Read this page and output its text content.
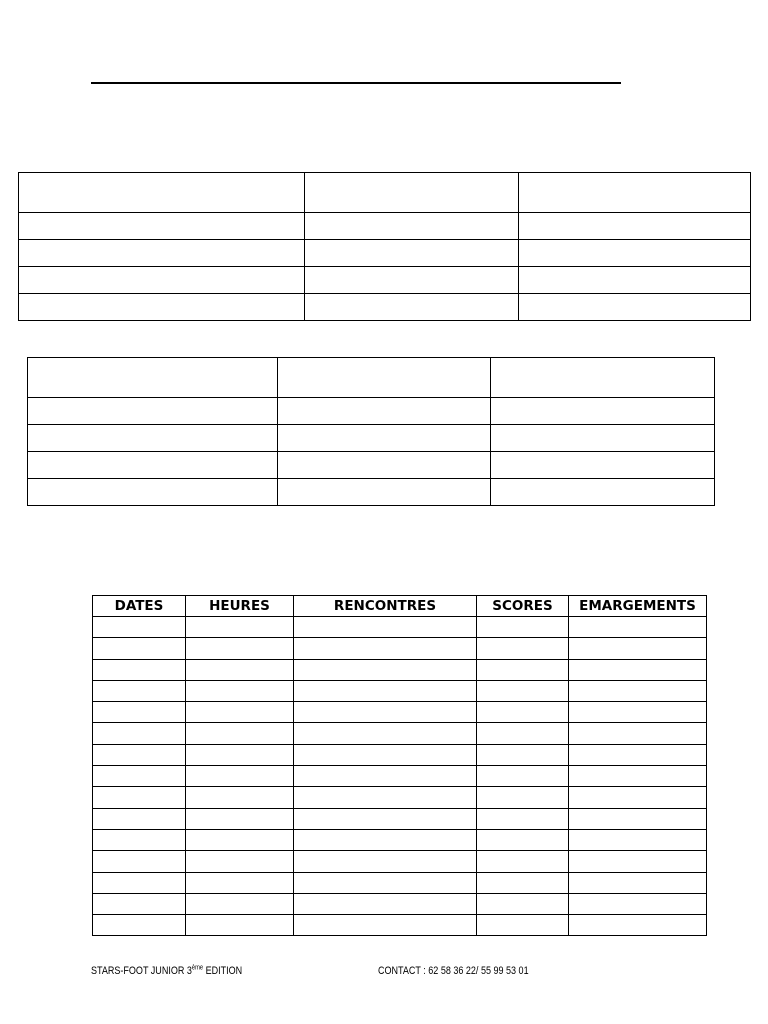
DATES	HEURES	RENCONTRES	SCORES	EMARGEMENTS

STARS-FOOT JUNIOR 3ème EDITION	CONTACT : 62 58 36 22/ 55 99 53 01
